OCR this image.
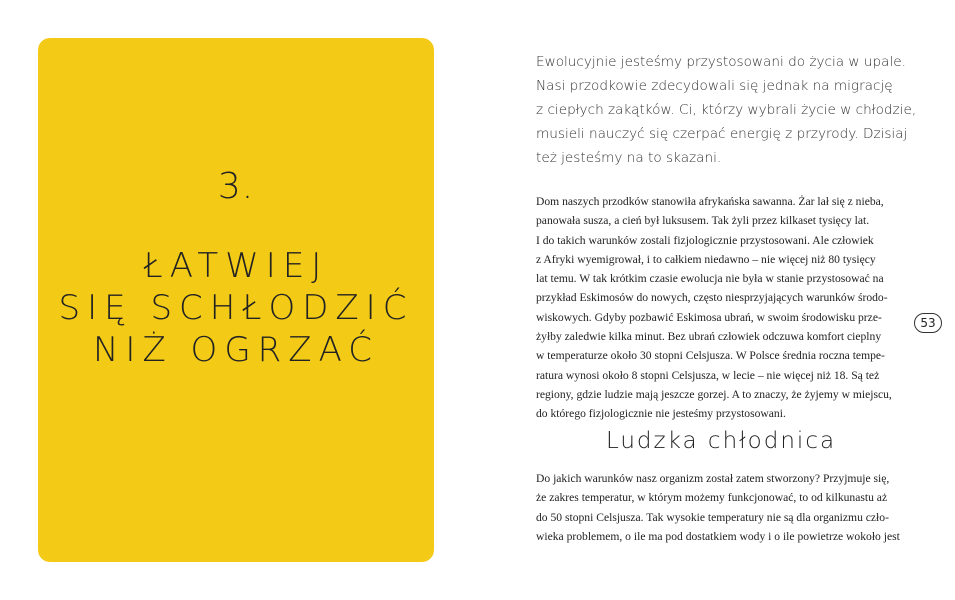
3.
ŁATWIEJ
SIĘ SCHŁODZIĆ
NIŻ OGRZAĆ
Ewolucyjnie jesteśmy przystosowani do życia w upale.
Nasi przodkowie zdecydowali się jednak na migrację
z ciepłych zakątków. Ci, którzy wybrali życie w chłodzie,
musieli nauczyć się czerpać energię z przyrody. Dzisiaj
też jesteśmy na to skazani.
Dom naszych przodków stanowiła afrykańska sawanna. Żar lał się z nieba,
panowała susza, a cień był luksusem. Tak żyli przez kilkaset tysięcy lat.
I do takich warunków zostali fizjologicznie przystosowani. Ale człowiek
z Afryki wyemigrował, i to całkiem niedawno – nie więcej niż 80 tysięcy
lat temu. W tak krótkim czasie ewolucja nie była w stanie przystosować na
przykład Eskimosów do nowych, często niesprzyjających warunków środo-
wiskowych. Gdyby pozbawić Eskimosa ubrań, w swoim środowisku prze-
żyłby zaledwie kilka minut. Bez ubrań człowiek odczuwa komfort cieplny
w temperaturze około 30 stopni Celsjusza. W Polsce średnia roczna tempe-
ratura wynosi około 8 stopni Celsjusza, w lecie – nie więcej niż 18. Są też
regiony, gdzie ludzie mają jeszcze gorzej. A to znaczy, że żyjemy w miejscu,
do którego fizjologicznie nie jesteśmy przystosowani.
Ludzka chłodnica
Do jakich warunków nasz organizm został zatem stworzony? Przyjmuje się,
że zakres temperatur, w którym możemy funkcjonować, to od kilkunastu aż
do 50 stopni Celsjusza. Tak wysokie temperatury nie są dla organizmu czło-
wieka problemem, o ile ma pod dostatkiem wody i o ile powietrze wokoło jest
53
